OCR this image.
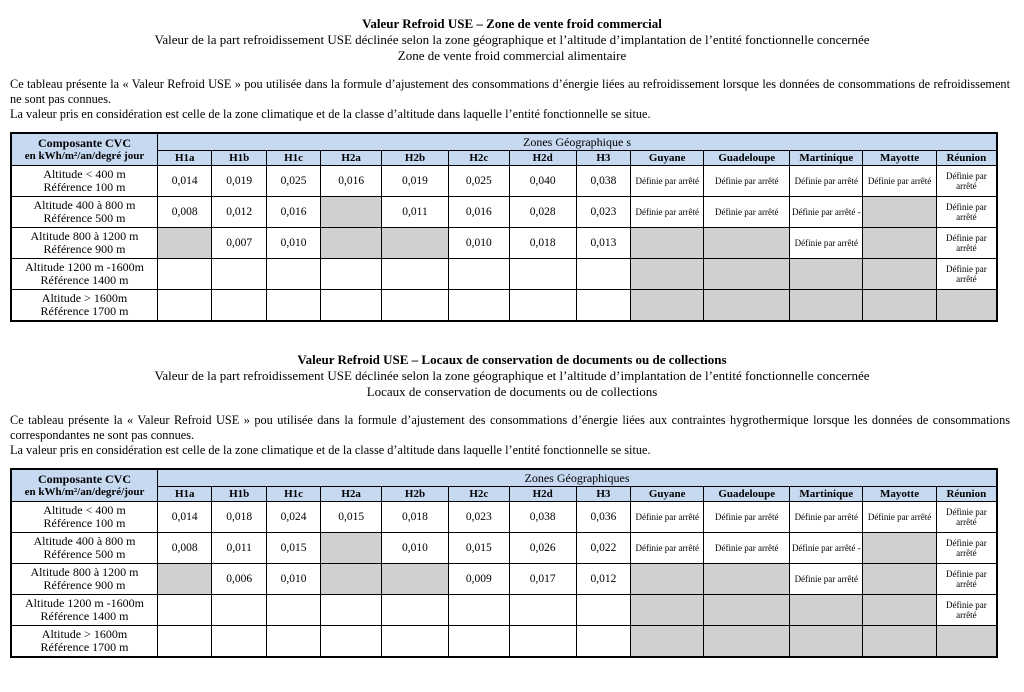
Valeur Refroid USE – Zone de vente froid commercial
Valeur de la part refroidissement USE déclinée selon la zone géographique et l’altitude d’implantation de l’entité fonctionnelle concernée
Zone de vente froid commercial alimentaire

Ce tableau présente la « Valeur Refroid USE » pou utilisée dans la formule d’ajustement des consommations d’énergie liées au refroidissement lorsque les données de consommations de refroidissement ne sont pas connues.

La valeur pris en considération est celle de la zone climatique et de la classe d’altitude dans laquelle l’entité fonctionnelle se situe.

Composante CVC
en kWh/m²/an/degré jour	Zones Géographique s												
	H1a	H1b	H1c	H2a	H2b	H2c	H2d	H3	Guyane	Guadeloupe	Martinique	Mayotte	Réunion

Altitude < 400 m
Référence 100 m	0,014	0,019	0,025	0,016	0,019	0,025	0,040	0,038	Définie par arrêté	Définie par arrêté	Définie par arrêté	Définie par arrêté	Définie par arrêté

Altitude 400 à 800 m
Référence 500 m	0,008	0,012	0,016		0,011	0,016	0,028	0,023	Définie par arrêté	Définie par arrêté	Définie par arrêté -		Définie par arrêté

Altitude 800 à 1200 m
Référence 900 m		0,007	0,010			0,010	0,018	0,013			Définie par arrêté		Définie par arrêté

Altitude 1200 m -1600m
Référence 1400 m													Définie par arrêté

Altitude > 1600m
Référence 1700 m													

Valeur Refroid USE – Locaux de conservation de documents ou de collections
Valeur de la part refroidissement USE déclinée selon la zone géographique et l’altitude d’implantation de l’entité fonctionnelle concernée
Locaux de conservation de documents ou de collections

Ce tableau présente la « Valeur Refroid USE » pou utilisée dans la formule d’ajustement des consommations d’énergie liées aux contraintes hygrothermique lorsque les données de consommations correspondantes ne sont pas connues.

La valeur pris en considération est celle de la zone climatique et de la classe d’altitude dans laquelle l’entité fonctionnelle se situe.

Composante CVC
en kWh/m²/an/degré/jour	Zones Géographiques												
	H1a	H1b	H1c	H2a	H2b	H2c	H2d	H3	Guyane	Guadeloupe	Martinique	Mayotte	Réunion

Altitude < 400 m
Référence 100 m	0,014	0,018	0,024	0,015	0,018	0,023	0,038	0,036	Définie par arrêté	Définie par arrêté	Définie par arrêté	Définie par arrêté	Définie par arrêté

Altitude 400 à 800 m
Référence 500 m	0,008	0,011	0,015		0,010	0,015	0,026	0,022	Définie par arrêté	Définie par arrêté	Définie par arrêté -		Définie par arrêté

Altitude 800 à 1200 m
Référence 900 m		0,006	0,010			0,009	0,017	0,012			Définie par arrêté		Définie par arrêté

Altitude 1200 m -1600m
Référence 1400 m													Définie par arrêté

Altitude > 1600m
Référence 1700 m													
